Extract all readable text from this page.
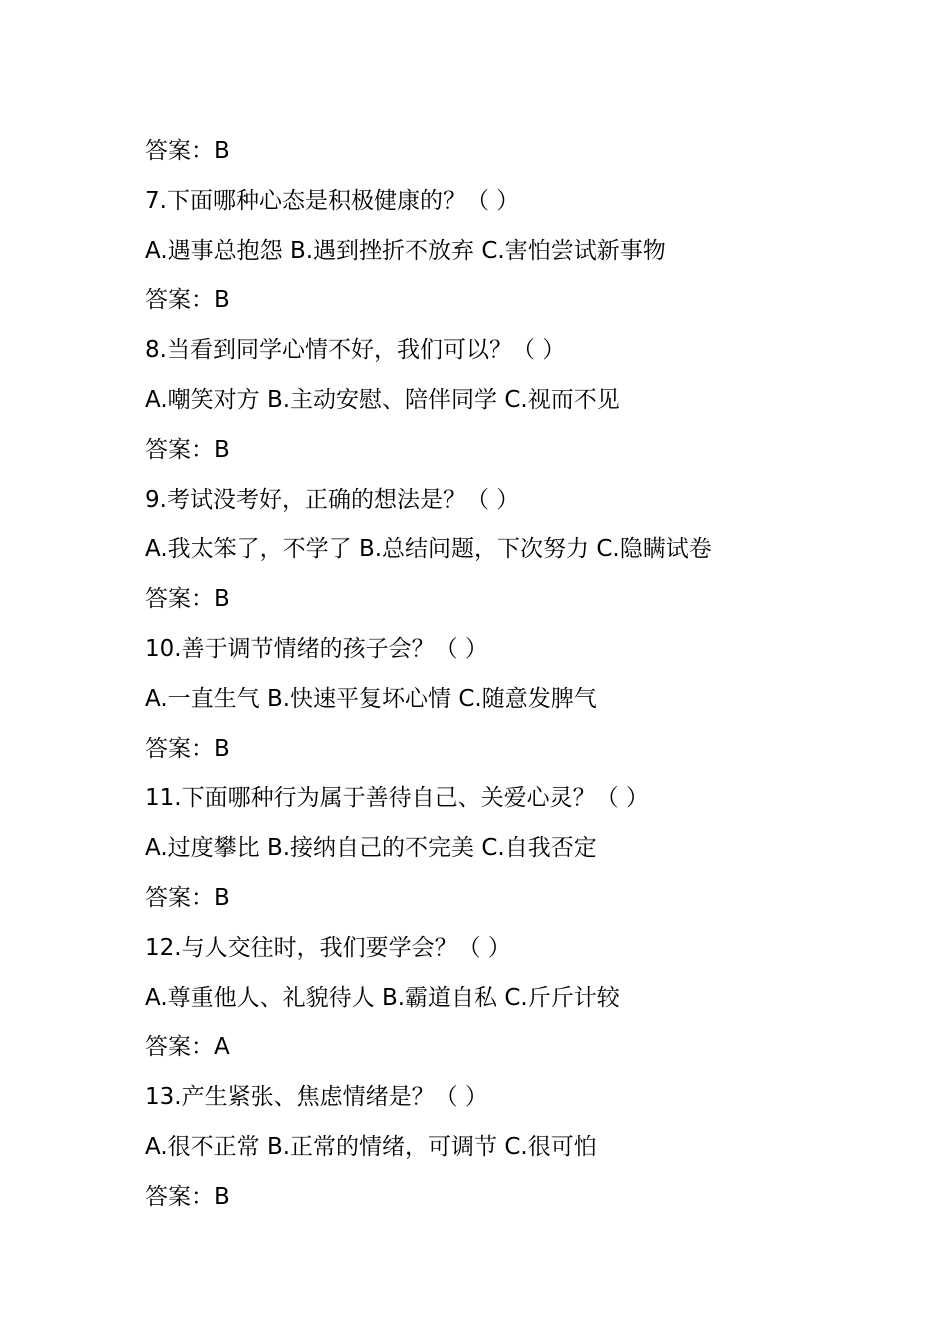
答案：B
7.下面哪种心态是积极健康的？（ ）
A.遇事总抱怨 B.遇到挫折不放弃 C.害怕尝试新事物
答案：B
8.当看到同学心情不好，我们可以？（ ）
A.嘲笑对方 B.主动安慰、陪伴同学 C.视而不见
答案：B
9.考试没考好，正确的想法是？（ ）
A.我太笨了，不学了 B.总结问题，下次努力 C.隐瞒试卷
答案：B
10.善于调节情绪的孩子会？（ ）
A.一直生气 B.快速平复坏心情 C.随意发脾气
答案：B
11.下面哪种行为属于善待自己、关爱心灵？（ ）
A.过度攀比 B.接纳自己的不完美 C.自我否定
答案：B
12.与人交往时，我们要学会？（ ）
A.尊重他人、礼貌待人 B.霸道自私 C.斤斤计较
答案：A
13.产生紧张、焦虑情绪是？（ ）
A.很不正常 B.正常的情绪，可调节 C.很可怕
答案：B
